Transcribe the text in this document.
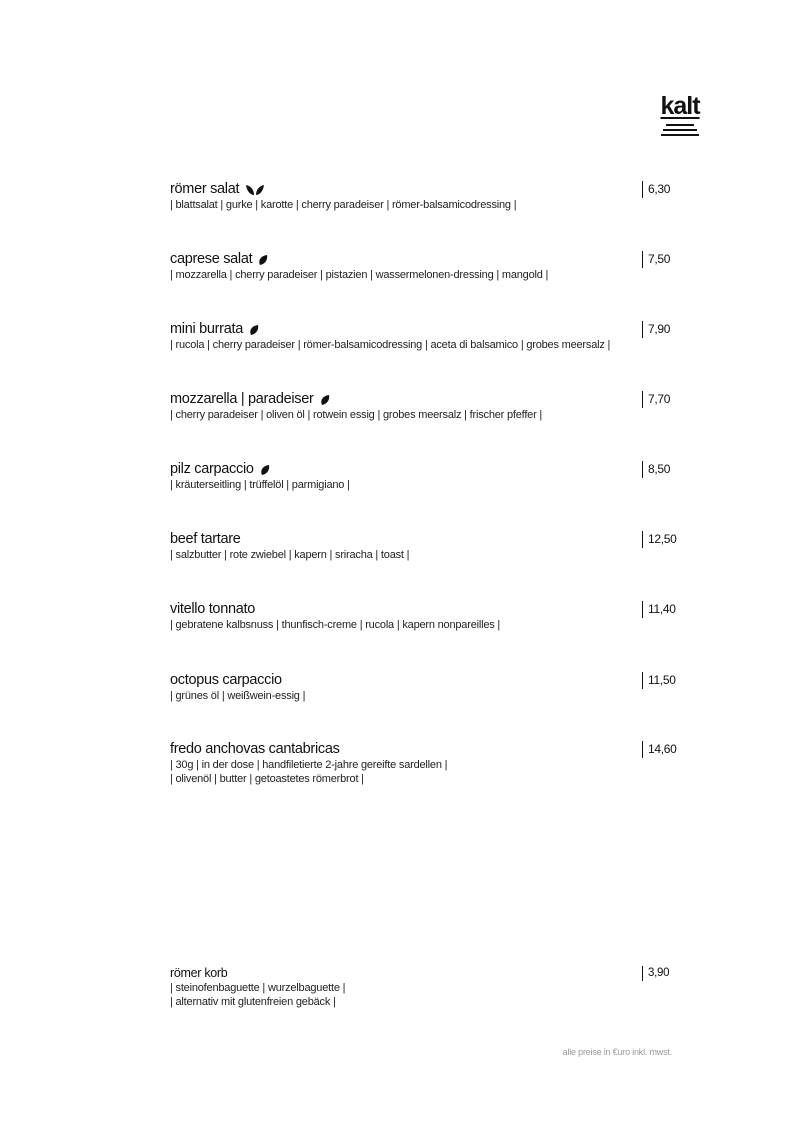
kalt
römer salat
| blattsalat | gurke | karotte | cherry paradeiser | römer-balsamicodressing |
6,30
caprese salat
| mozzarella | cherry paradeiser | pistazien | wassermelonen-dressing | mangold |
7,50
mini burrata
| rucola | cherry paradeiser | römer-balsamicodressing | aceta di balsamico | grobes meersalz |
7,90
mozzarella | paradeiser
| cherry paradeiser | oliven öl | rotwein essig | grobes meersalz | frischer pfeffer |
7,70
pilz carpaccio
| kräuterseitling | trüffelöl | parmigiano |
8,50
beef tartare
| salzbutter | rote zwiebel | kapern | sriracha | toast |
12,50
vitello tonnato
| gebratene kalbsnuss | thunfisch-creme | rucola | kapern nonpareilles |
11,40
octopus carpaccio
| grünes öl | weißwein-essig |
11,50
fredo anchovas cantabricas
| 30g | in der dose | handfiletierte 2-jahre gereifte sardellen |
| olivenöl | butter | getoastetes römerbrot |
14,60
römer korb
| steinofenbaguette | wurzelbaguette |
| alternativ mit glutenfreien gebäck |
3,90
alle preise in €uro inkl. mwst.
